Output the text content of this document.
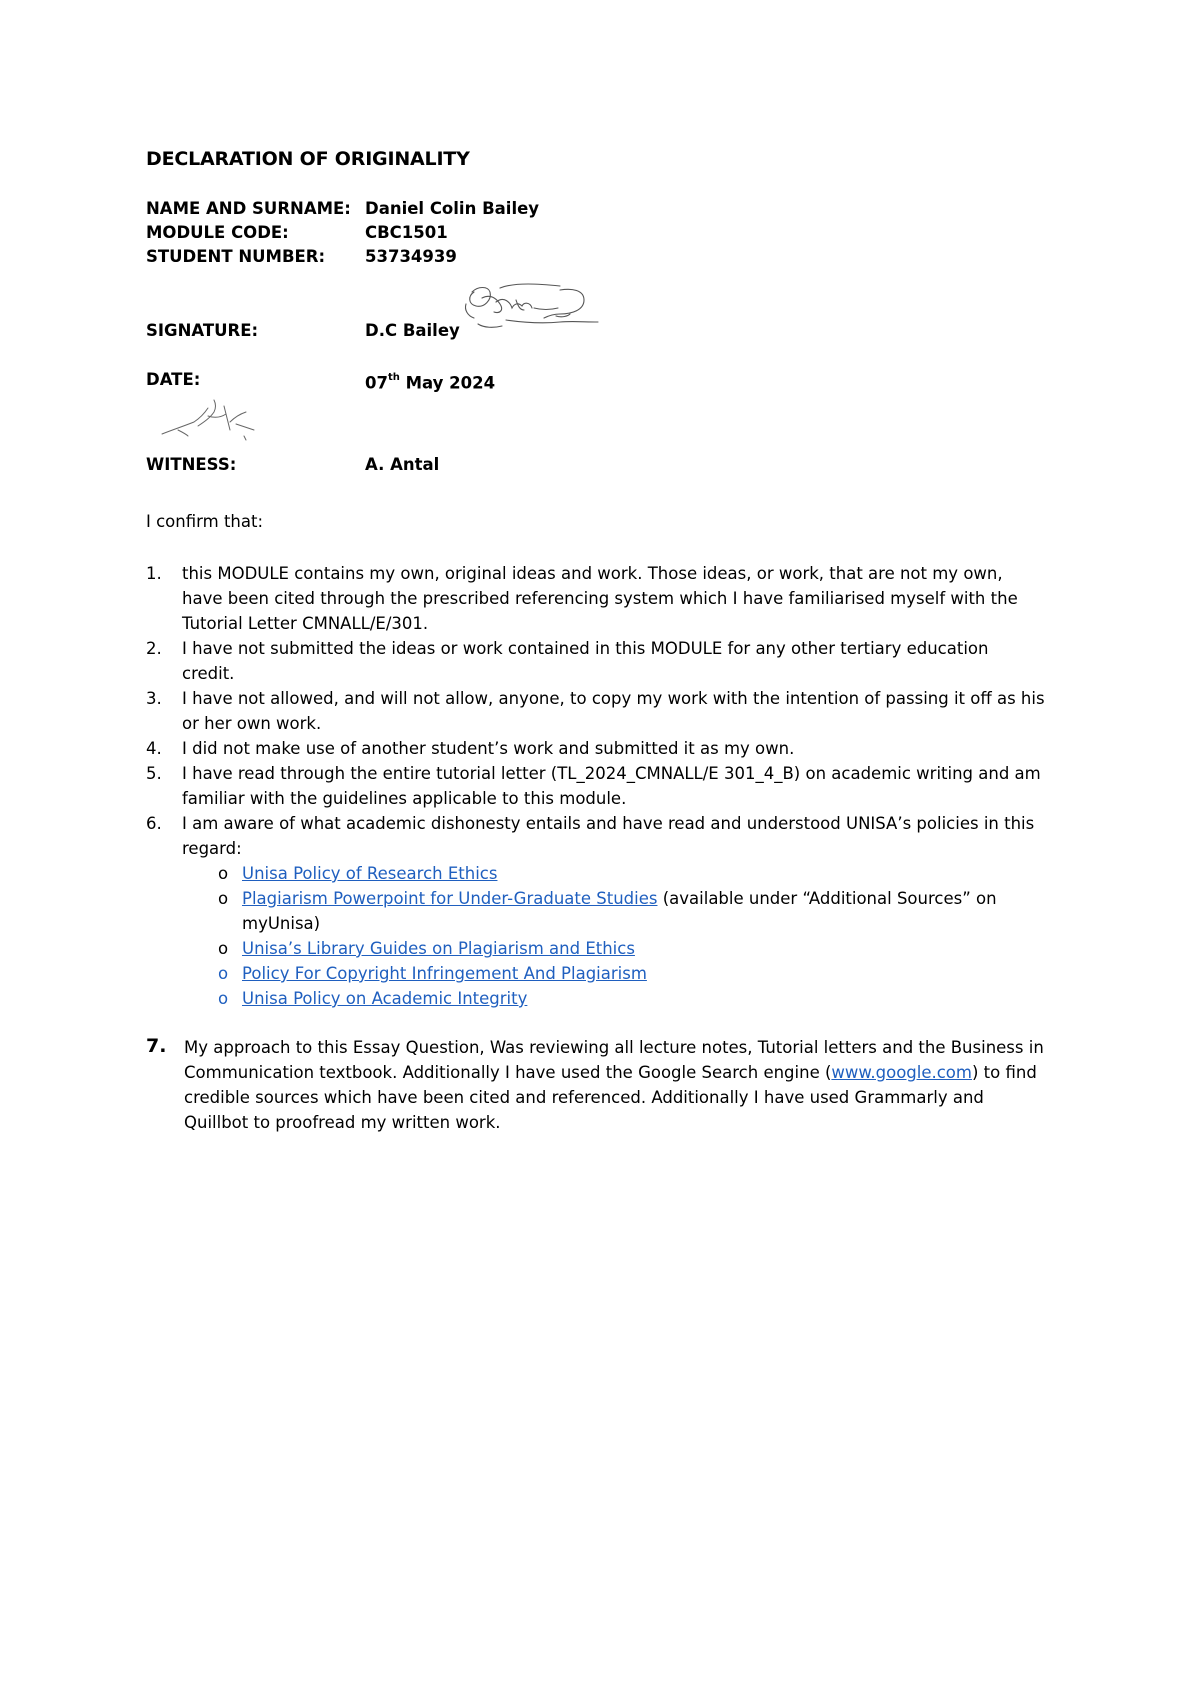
DECLARATION OF ORIGINALITY
NAME AND SURNAME: Daniel Colin Bailey
MODULE CODE:	CBC1501
STUDENT NUMBER: 53734939
SIGNATURE:	D.C Bailey
DATE:	07th May 2024
WITNESS:	A. Antal
I confirm that:
1. this MODULE contains my own, original ideas and work. Those ideas, or work, that are not my own, have been cited through the prescribed referencing system which I have familiarised myself with the Tutorial Letter CMNALL/E/301.
2. I have not submitted the ideas or work contained in this MODULE for any other tertiary education credit.
3. I have not allowed, and will not allow, anyone, to copy my work with the intention of passing it off as his or her own work.
4. I did not make use of another student’s work and submitted it as my own.
5. I have read through the entire tutorial letter (TL_2024_CMNALL/E 301_4_B) on academic writing and am familiar with the guidelines applicable to this module.
6. I am aware of what academic dishonesty entails and have read and understood UNISA’s policies in this regard:
o Unisa Policy of Research Ethics
o Plagiarism Powerpoint for Under-Graduate Studies (available under “Additional Sources” on myUnisa)
o Unisa’s Library Guides on Plagiarism and Ethics
o Policy For Copyright Infringement And Plagiarism
o Unisa Policy on Academic Integrity
7.	My approach to this Essay Question, Was reviewing all lecture notes, Tutorial letters and the Business in Communication textbook. Additionally I have used the Google Search engine (www.google.com) to find credible sources which have been cited and referenced. Additionally I have used Grammarly and Quillbot to proofread my written work.
